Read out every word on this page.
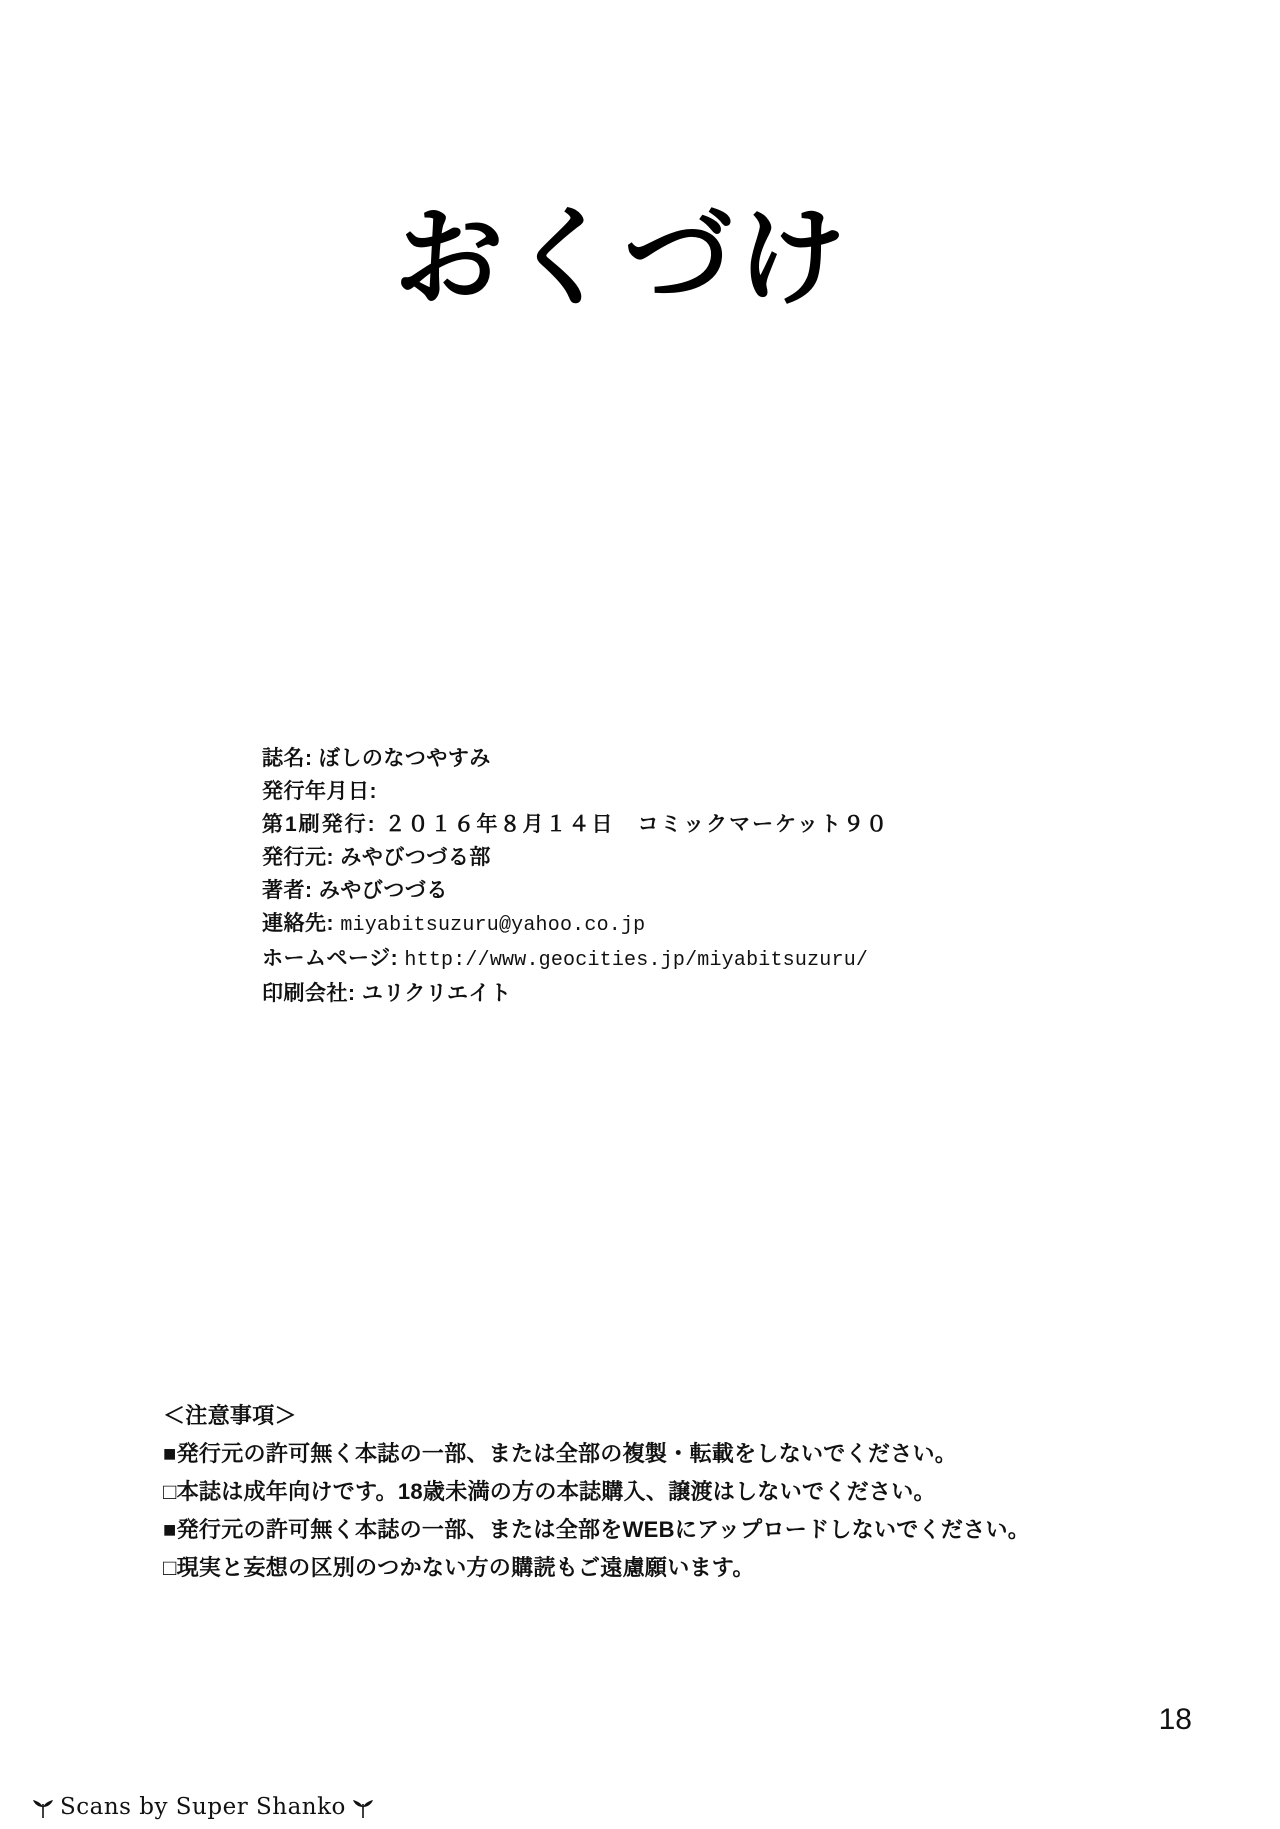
おくづけ
誌名: ぼしのなつやすみ
発行年月日:
第1刷発行: ２０１６年８月１４日　コミックマーケット９０
発行元: みやびつづる部
著者: みやびつづる
連絡先: miyabitsuzuru@yahoo.co.jp
ホームページ: http://www.geocities.jp/miyabitsuzuru/
印刷会社: ユリクリエイト
＜注意事項＞
■発行元の許可無く本誌の一部、または全部の複製・転載をしないでください。
□本誌は成年向けです。18歳未満の方の本誌購入、譲渡はしないでください。
■発行元の許可無く本誌の一部、または全部をWEBにアップロードしないでください。
□現実と妄想の区別のつかない方の購読もご遠慮願います。
18
Scans by Super Shanko
